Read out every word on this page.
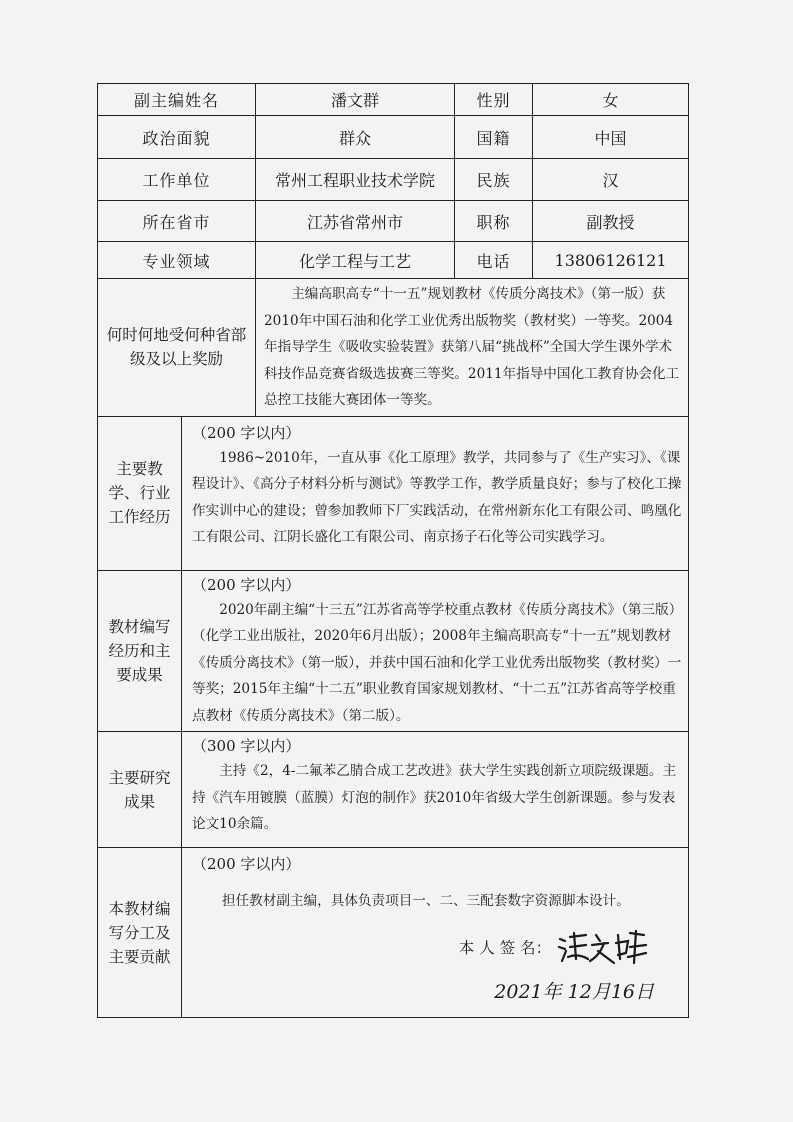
副主编姓名		潘文群	性别	女
政治面貌		群众	国籍	中国
工作单位		常州工程职业技术学院	民族	汉
所在省市		江苏省常州市	职称	副教授
专业领域		化学工程与工艺	电话	13806126121
何时何地受何种省部级及以上奖励		主编高职高专“十一五”规划教材《传质分离技术》（第一版）获2010年中国石油和化学工业优秀出版物奖（教材奖）一等奖。2004年指导学生《吸收实验装置》获第八届“挑战杯”全国大学生课外学术科技作品竞赛省级选拔赛三等奖。2011年指导中国化工教育协会化工总控工技能大赛团体一等奖。		

主要教学、行业工作经历	（200 字以内）
1986~2010年，一直从事《化工原理》教学，共同参与了《生产实习》、《课程设计》、《高分子材料分析与测试》等教学工作，教学质量良好；参与了校化工操作实训中心的建设；曾参加教师下厂实践活动，在常州新东化工有限公司、鸣凰化工有限公司、江阴长盛化工有限公司、南京扬子石化等公司实践学习。			

教材编写经历和主要成果	（200 字以内）
2020年副主编“十三五”江苏省高等学校重点教材《传质分离技术》（第三版）（化学工业出版社，2020年6月出版）；2008年主编高职高专“十一五”规划教材《传质分离技术》（第一版），并获中国石油和化学工业优秀出版物奖（教材奖）一等奖；2015年主编“十二五”职业教育国家规划教材、“十二五”江苏省高等学校重点教材《传质分离技术》（第二版）。			

主要研究成果	（300 字以内）
主持《2，4-二氟苯乙腈合成工艺改进》获大学生实践创新立项院级课题。主持《汽车用镀膜（蓝膜）灯泡的制作》获2010年省级大学生创新课题。参与发表论文10余篇。			

本教材编写分工及主要贡献	（200 字以内）
担任教材副主编，具体负责项目一、二、三配套数字资源脚本设计。
本 人 签 名：
2021年 12月16日			
